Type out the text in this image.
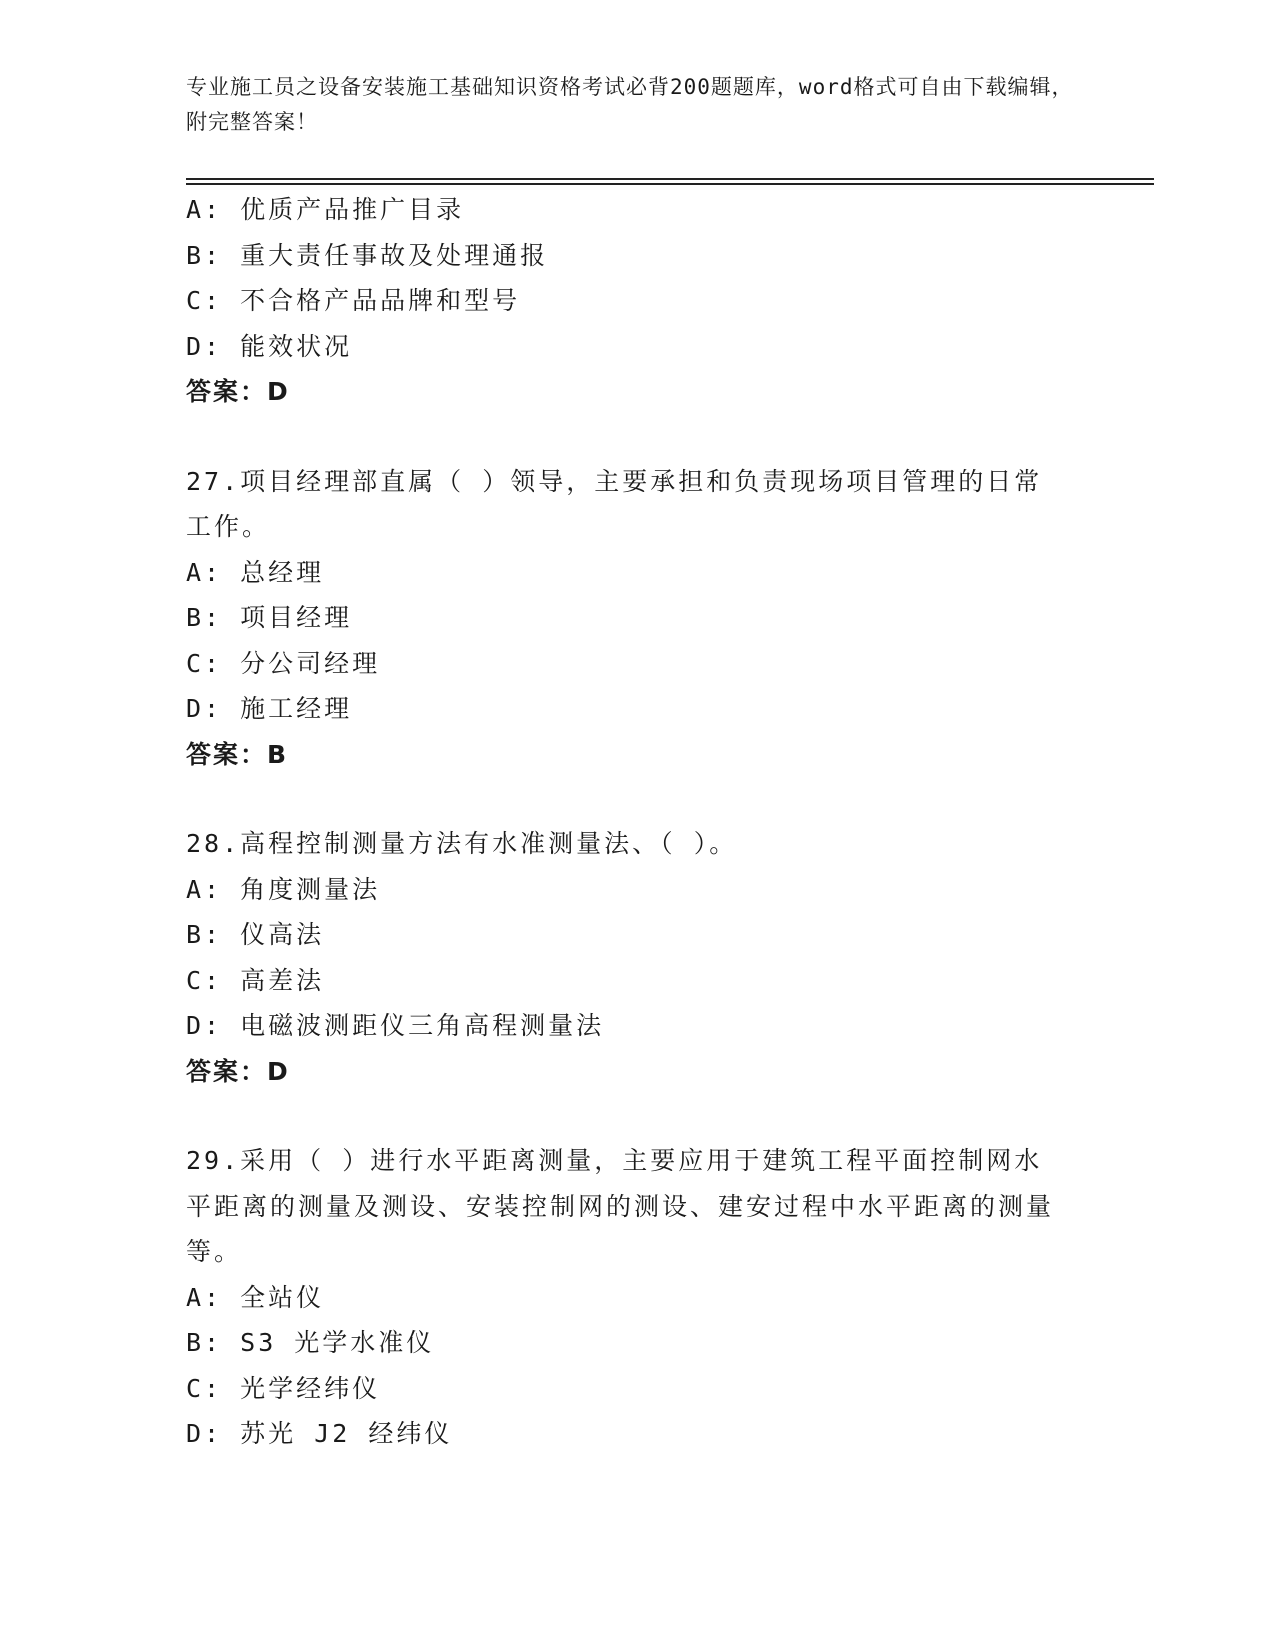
专业施工员之设备安装施工基础知识资格考试必背200题题库，word格式可自由下载编辑，附完整答案！
A: 优质产品推广目录
B: 重大责任事故及处理通报
C: 不合格产品品牌和型号
D: 能效状况
答案：D
27.项目经理部直属（ ）领导，主要承担和负责现场项目管理的日常工作。
A: 总经理
B: 项目经理
C: 分公司经理
D: 施工经理
答案：B
28.高程控制测量方法有水准测量法、（ ）。
A: 角度测量法
B: 仪高法
C: 高差法
D: 电磁波测距仪三角高程测量法
答案：D
29.采用（ ）进行水平距离测量，主要应用于建筑工程平面控制网水平距离的测量及测设、安装控制网的测设、建安过程中水平距离的测量等。
A: 全站仪
B: S3 光学水准仪
C: 光学经纬仪
D: 苏光 J2 经纬仪
